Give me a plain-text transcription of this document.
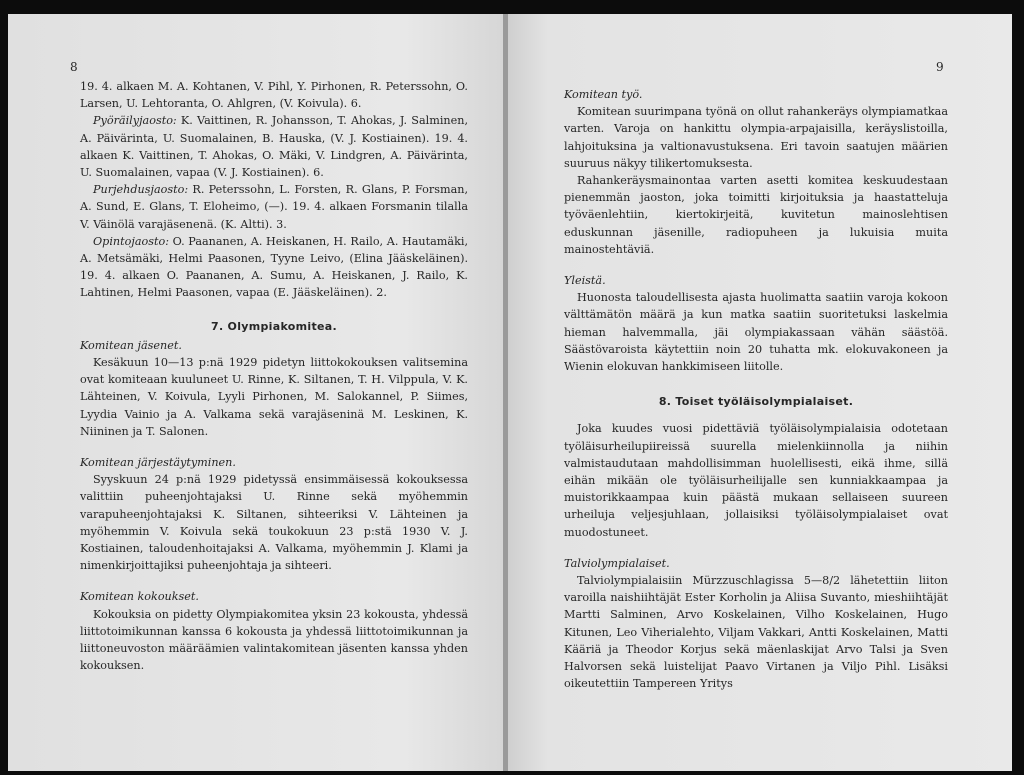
8

19. 4. alkaen M. A. Kohtanen, V. Pihl, Y. Pirhonen, R. Peterssohn, O. Larsen, U. Lehtoranta, O. Ahlgren, (V. Koivula). 6.

Pyöräilyjaosto: K. Vaittinen, R. Johansson, T. Ahokas, J. Salminen, A. Päivärinta, U. Suomalainen, B. Hauska, (V. J. Kostiainen). 19. 4. alkaen K. Vaittinen, T. Ahokas, O. Mäki, V. Lindgren, A. Päivärinta, U. Suomalainen, vapaa (V. J. Kostiainen). 6.

Purjehdusjaosto: R. Peterssohn, L. Forsten, R. Glans, P. Forsman, A. Sund, E. Glans, T. Eloheimo, (—). 19. 4. alkaen Forsmanin tilalla V. Väinölä varajäsenenä. (K. Altti). 3.

Opintojaosto: O. Paananen, A. Heiskanen, H. Railo, A. Hautamäki, A. Metsämäki, Helmi Paasonen, Tyyne Leivo, (Elina Jääskeläinen). 19. 4. alkaen O. Paananen, A. Sumu, A. Heiskanen, J. Railo, K. Lahtinen, Helmi Paasonen, vapaa (E. Jääskeläinen). 2.

7. Olympiakomitea.

Komitean jäsenet.

Kesäkuun 10—13 p:nä 1929 pidetyn liittokokouksen valitsemina ovat komiteaan kuuluneet U. Rinne, K. Siltanen, T. H. Vilppula, V. K. Lähteinen, V. Koivula, Lyyli Pirhonen, M. Salokannel, P. Siimes, Lyydia Vainio ja A. Valkama sekä varajäseninä M. Leskinen, K. Niininen ja T. Salonen.

Komitean järjestäytyminen.

Syyskuun 24 p:nä 1929 pidetyssä ensimmäisessä kokouksessa valittiin puheenjohtajaksi U. Rinne sekä myöhemmin varapuheenjohtajaksi K. Siltanen, sihteeriksi V. Lähteinen ja myöhemmin V. Koivula sekä toukokuun 23 p:stä 1930 V. J. Kostiainen, taloudenhoitajaksi A. Valkama, myöhemmin J. Klami ja nimenkirjoittajiksi puheenjohtaja ja sihteeri.

Komitean kokoukset.

Kokouksia on pidetty Olympiakomitea yksin 23 kokousta, yhdessä liittotoimikunnan kanssa 6 kokousta ja yhdessä liittotoimikunnan ja liittoneuvoston määräämien valintakomitean jäsenten kanssa yhden kokouksen.

9

Komitean työ.

Komitean suurimpana työnä on ollut rahankeräys olympiamatkaa varten. Varoja on hankittu olympia-arpajaisilla, keräyslistoilla, lahjoituksina ja valtionavustuksena. Eri tavoin saatujen määrien suuruus näkyy tilikertomuksesta.

Rahankeräysmainontaa varten asetti komitea keskuudestaan pienemmän jaoston, joka toimitti kirjoituksia ja haastatteluja työväenlehtiin, kiertokirjeitä, kuvitetun mainoslehtisen eduskunnan jäsenille, radiopuheen ja lukuisia muita mainostehtäviä.

Yleistä.

Huonosta taloudellisesta ajasta huolimatta saatiin varoja kokoon välttämätön määrä ja kun matka saatiin suoritetuksi laskelmia hieman halvemmalla, jäi olympiakassaan vähän säästöä. Säästövaroista käytettiin noin 20 tuhatta mk. elokuvakoneen ja Wienin elokuvan hankkimiseen liitolle.

8. Toiset työläisolympialaiset.

Joka kuudes vuosi pidettäviä työläisolympialaisia odotetaan työläisurheilupiireissä suurella mielenkiinnolla ja niihin valmistaudutaan mahdollisimman huolellisesti, eikä ihme, sillä eihän mikään ole työläisurheilijalle sen kunniakkaampaa ja muistorikkaampaa kuin päästä mukaan sellaiseen suureen urheiluja veljesjuhlaan, jollaisiksi työläisolympialaiset ovat muodostuneet.

Talviolympialaiset.

Talviolympialaisiin Mürzzuschlagissa 5—8/2 lähetettiin liiton varoilla naishiihtäjät Ester Korholin ja Aliisa Suvanto, mieshiihtäjät Martti Salminen, Arvo Koskelainen, Vilho Koskelainen, Hugo Kitunen, Leo Viherialehto, Viljam Vakkari, Antti Koskelainen, Matti Kääriä ja Theodor Korjus sekä mäenlaskijat Arvo Talsi ja Sven Halvorsen sekä luistelijat Paavo Virtanen ja Viljo Pihl. Lisäksi oikeutettiin Tampereen Yritys
